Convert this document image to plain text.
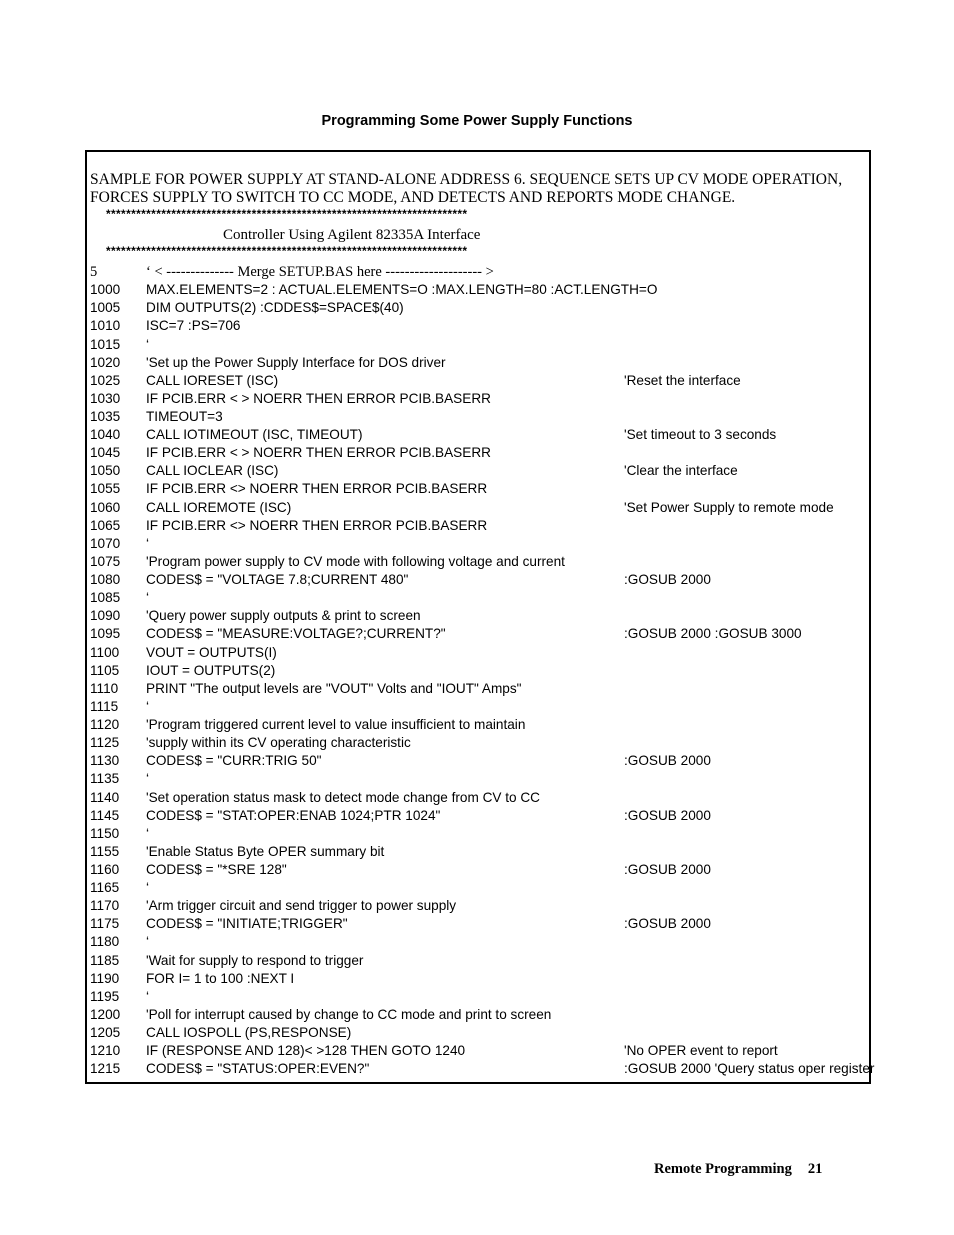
Programming Some Power Supply Functions
SAMPLE FOR POWER SUPPLY AT STAND-ALONE ADDRESS 6. SEQUENCE SETS UP CV MODE OPERATION, FORCES SUPPLY TO SWITCH TO CC MODE, AND DETECTS AND REPORTS MODE CHANGE.
************************************************************************
Controller Using Agilent 82335A Interface
************************************************************************
5	‘ < -------------- Merge SETUP.BAS here -------------------- >
1000 MAX.ELEMENTS=2 : ACTUAL.ELEMENTS=O :MAX.LENGTH=80 :ACT.LENGTH=O
1005 DIM OUTPUTS(2) :CDDES$=SPACE$(40)
1010 ISC=7 :PS=706
1015 ‘
1020 'Set up the Power Supply Interface for DOS driver
1025 CALL IORESET (ISC)	'Reset the interface
1030 IF PCIB.ERR < > NOERR THEN ERROR PCIB.BASERR
1035 TIMEOUT=3
1040 CALL IOTIMEOUT (ISC, TIMEOUT)	'Set timeout to 3 seconds
1045 IF PCIB.ERR < > NOERR THEN ERROR PCIB.BASERR
1050 CALL IOCLEAR (ISC)	'Clear the interface
1055 IF PCIB.ERR <> NOERR THEN ERROR PCIB.BASERR
1060 CALL IOREMOTE (ISC)	'Set Power Supply to remote mode
1065 IF PCIB.ERR <> NOERR THEN ERROR PCIB.BASERR
1070 ‘
1075 'Program power supply to CV mode with following voltage and current
1080 CODES$ = "VOLTAGE 7.8;CURRENT 480"	:GOSUB 2000
1085 ‘
1090 'Query power supply outputs & print to screen
1095 CODES$ = "MEASURE:VOLTAGE?;CURRENT?"	:GOSUB 2000 :GOSUB 3000
1100 VOUT = OUTPUTS(I)
1105 IOUT = OUTPUTS(2)
1110 PRINT "The output levels are "VOUT" Volts and "IOUT" Amps"
1115 ‘
1120 'Program triggered current level to value insufficient to maintain
1125 'supply within its CV operating characteristic
1130 CODES$ = "CURR:TRIG 50"	:GOSUB 2000
1135 ‘
1140 'Set operation status mask to detect mode change from CV to CC
1145 CODES$ = "STAT:OPER:ENAB 1024;PTR 1024"	:GOSUB 2000
1150 ‘
1155 'Enable Status Byte OPER summary bit
1160 CODES$ = "*SRE 128"	:GOSUB 2000
1165 ‘
1170 'Arm trigger circuit and send trigger to power supply
1175 CODES$ = "INITIATE;TRIGGER"	:GOSUB 2000
1180 ‘
1185 'Wait for supply to respond to trigger
1190 FOR I= 1 to 100 :NEXT I
1195 ‘
1200 'Poll for interrupt caused by change to CC mode and print to screen
1205 CALL IOSPOLL (PS,RESPONSE)
1210 IF (RESPONSE AND 128)< >128 THEN GOTO 1240	'No OPER event to report
1215 CODES$ = "STATUS:OPER:EVEN?"	:GOSUB 2000 'Query status oper register
Remote Programming 21
